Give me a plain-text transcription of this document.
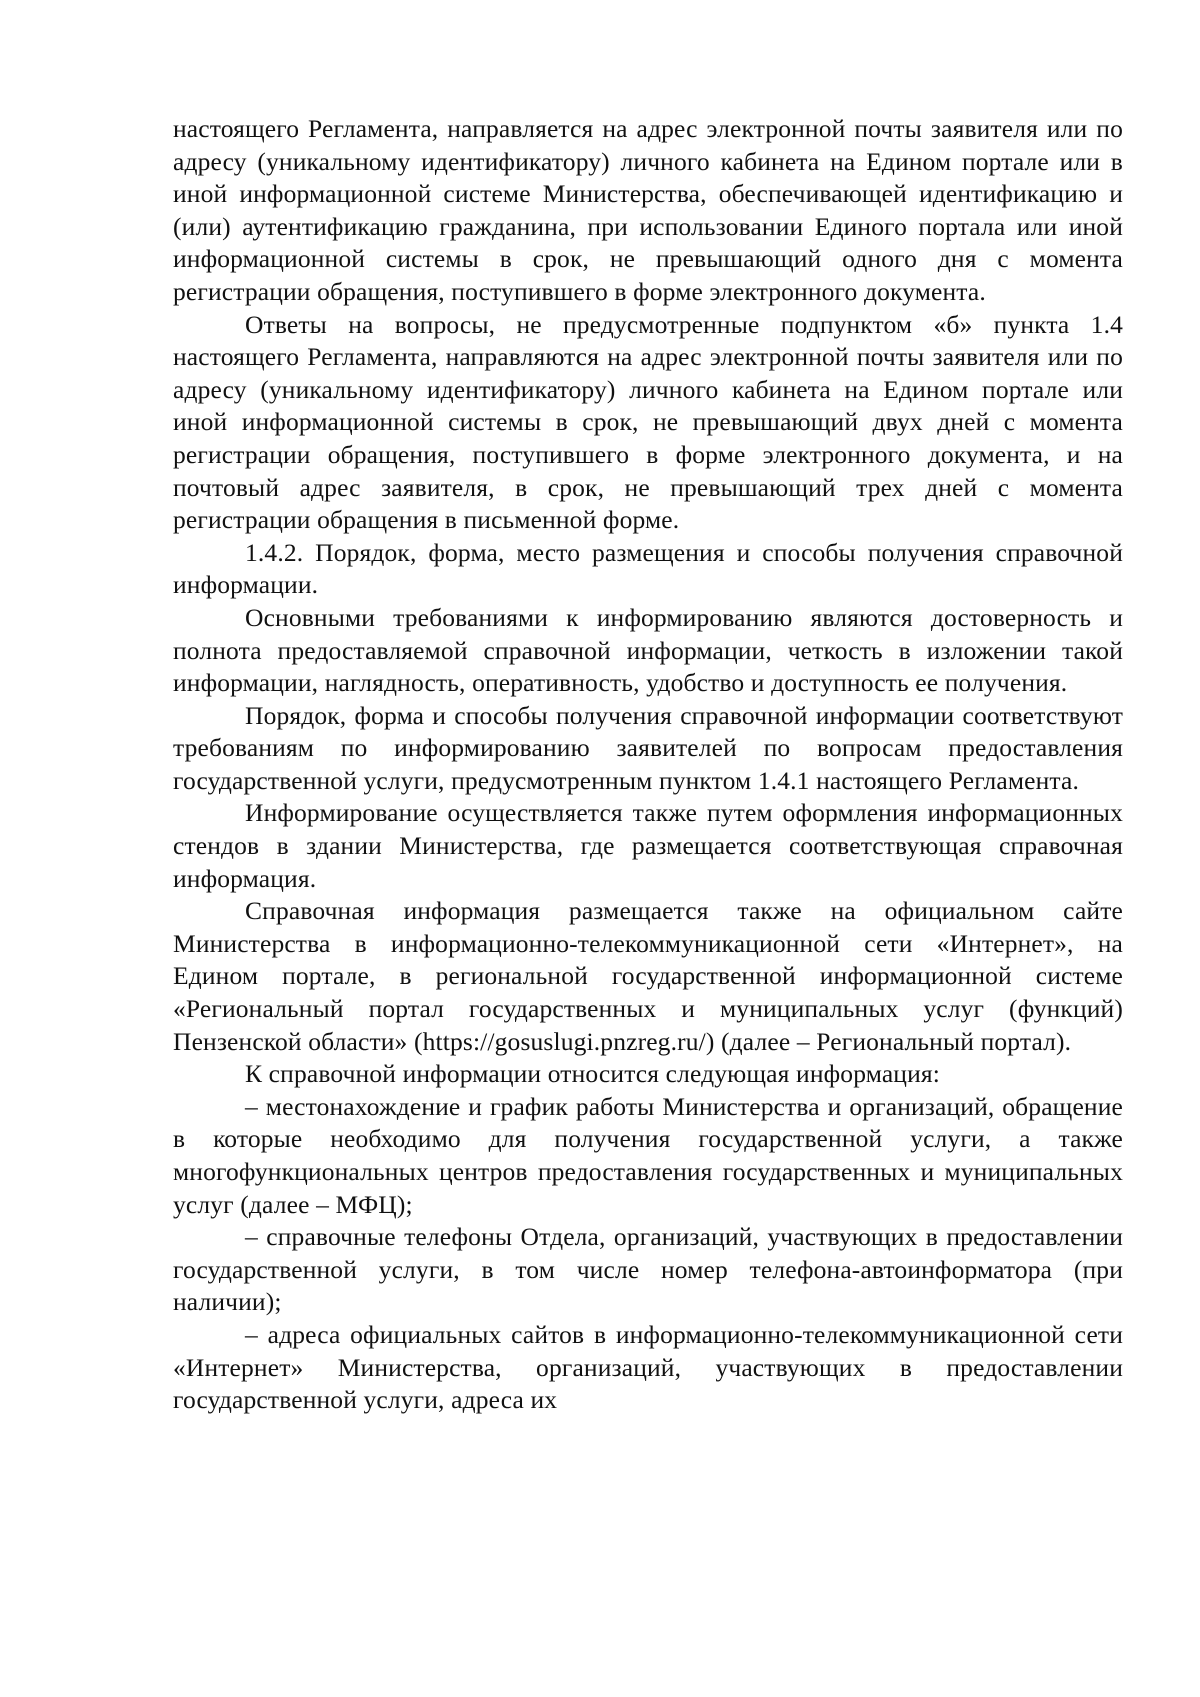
настоящего Регламента, направляется на адрес электронной почты заявителя или по адресу (уникальному идентификатору) личного кабинета на Едином портале или в иной информационной системе Министерства, обеспечивающей идентификацию и (или) аутентификацию гражданина, при использовании Единого портала или иной информационной системы в срок, не превышающий одного дня с момента регистрации обращения, поступившего в форме электронного документа.

Ответы на вопросы, не предусмотренные подпунктом «б» пункта 1.4 настоящего Регламента, направляются на адрес электронной почты заявителя или по адресу (уникальному идентификатору) личного кабинета на Едином портале или иной информационной системы в срок, не превышающий двух дней с момента регистрации обращения, поступившего в форме электронного документа, и на почтовый адрес заявителя, в срок, не превышающий трех дней с момента регистрации обращения в письменной форме.

1.4.2. Порядок, форма, место размещения и способы получения справочной информации.

Основными требованиями к информированию являются достоверность и полнота предоставляемой справочной информации, четкость в изложении такой информации, наглядность, оперативность, удобство и доступность ее получения.

Порядок, форма и способы получения справочной информации соответствуют требованиям по информированию заявителей по вопросам предоставления государственной услуги, предусмотренным пунктом 1.4.1 настоящего Регламента.

Информирование осуществляется также путем оформления информационных стендов в здании Министерства, где размещается соответствующая справочная информация.

Справочная информация размещается также на официальном сайте Министерства в информационно-телекоммуникационной сети «Интернет», на Едином портале, в региональной государственной информационной системе «Региональный портал государственных и муниципальных услуг (функций) Пензенской области» (https://gosuslugi.pnzreg.ru/) (далее – Региональный портал).

К справочной информации относится следующая информация:

– местонахождение и график работы Министерства и организаций, обращение в которые необходимо для получения государственной услуги, а также многофункциональных центров предоставления государственных и муниципальных услуг (далее – МФЦ);

– справочные телефоны Отдела, организаций, участвующих в предоставлении государственной услуги, в том числе номер телефона-автоинформатора (при наличии);

– адреса официальных сайтов в информационно-телекоммуникационной сети «Интернет» Министерства, организаций, участвующих в предоставлении государственной услуги, адреса их
